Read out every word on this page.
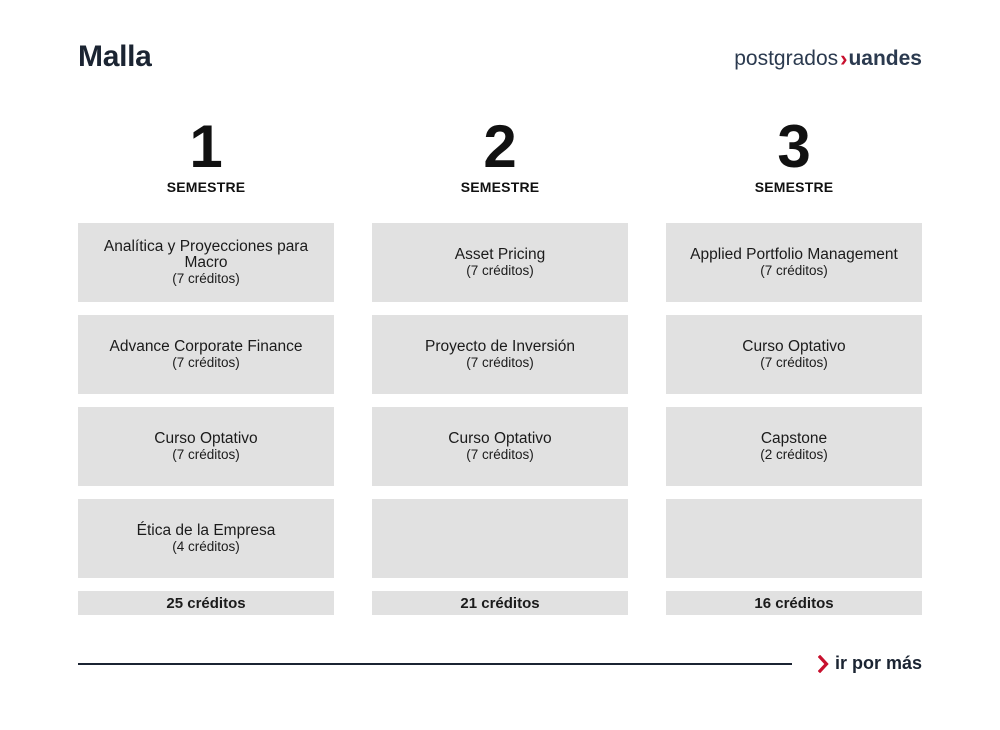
Malla	postgrados › uandes
1
SEMESTRE
Analítica y Proyecciones para Macro
(7 créditos)
Advance Corporate Finance
(7 créditos)
Curso Optativo
(7 créditos)
Ética de la Empresa
(4 créditos)
25 créditos
2
SEMESTRE
Asset Pricing
(7 créditos)
Proyecto de Inversión
(7 créditos)
Curso Optativo
(7 créditos)
21 créditos
3
SEMESTRE
Applied Portfolio Management
(7 créditos)
Curso Optativo
(7 créditos)
Capstone
(2 créditos)
16 créditos
ir por más
